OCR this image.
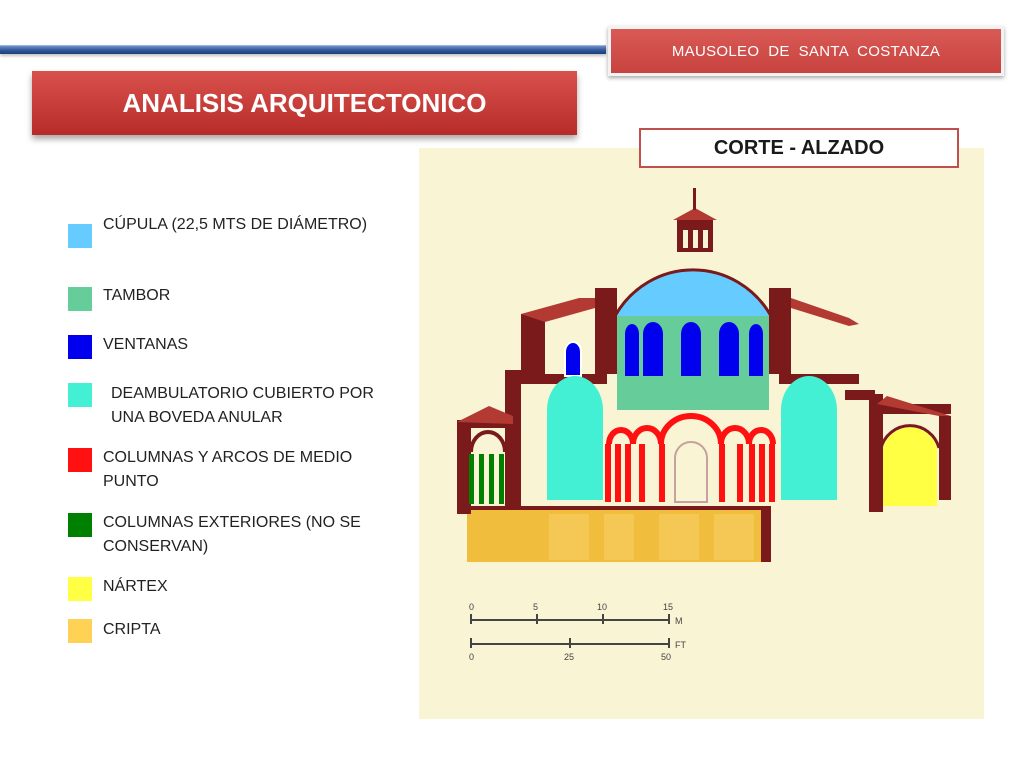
MAUSOLEO  DE  SANTA  COSTANZA
ANALISIS ARQUITECTONICO
CÚPULA (22,5 MTS DE DIÁMETRO)
TAMBOR
VENTANAS
DEAMBULATORIO CUBIERTO POR UNA BOVEDA ANULAR
COLUMNAS Y ARCOS DE MEDIO PUNTO
COLUMNAS EXTERIORES (NO SE CONSERVAN)
NÁRTEX
CRIPTA
CORTE - ALZADO
0	5	10	15
M
0	25	50
FT
